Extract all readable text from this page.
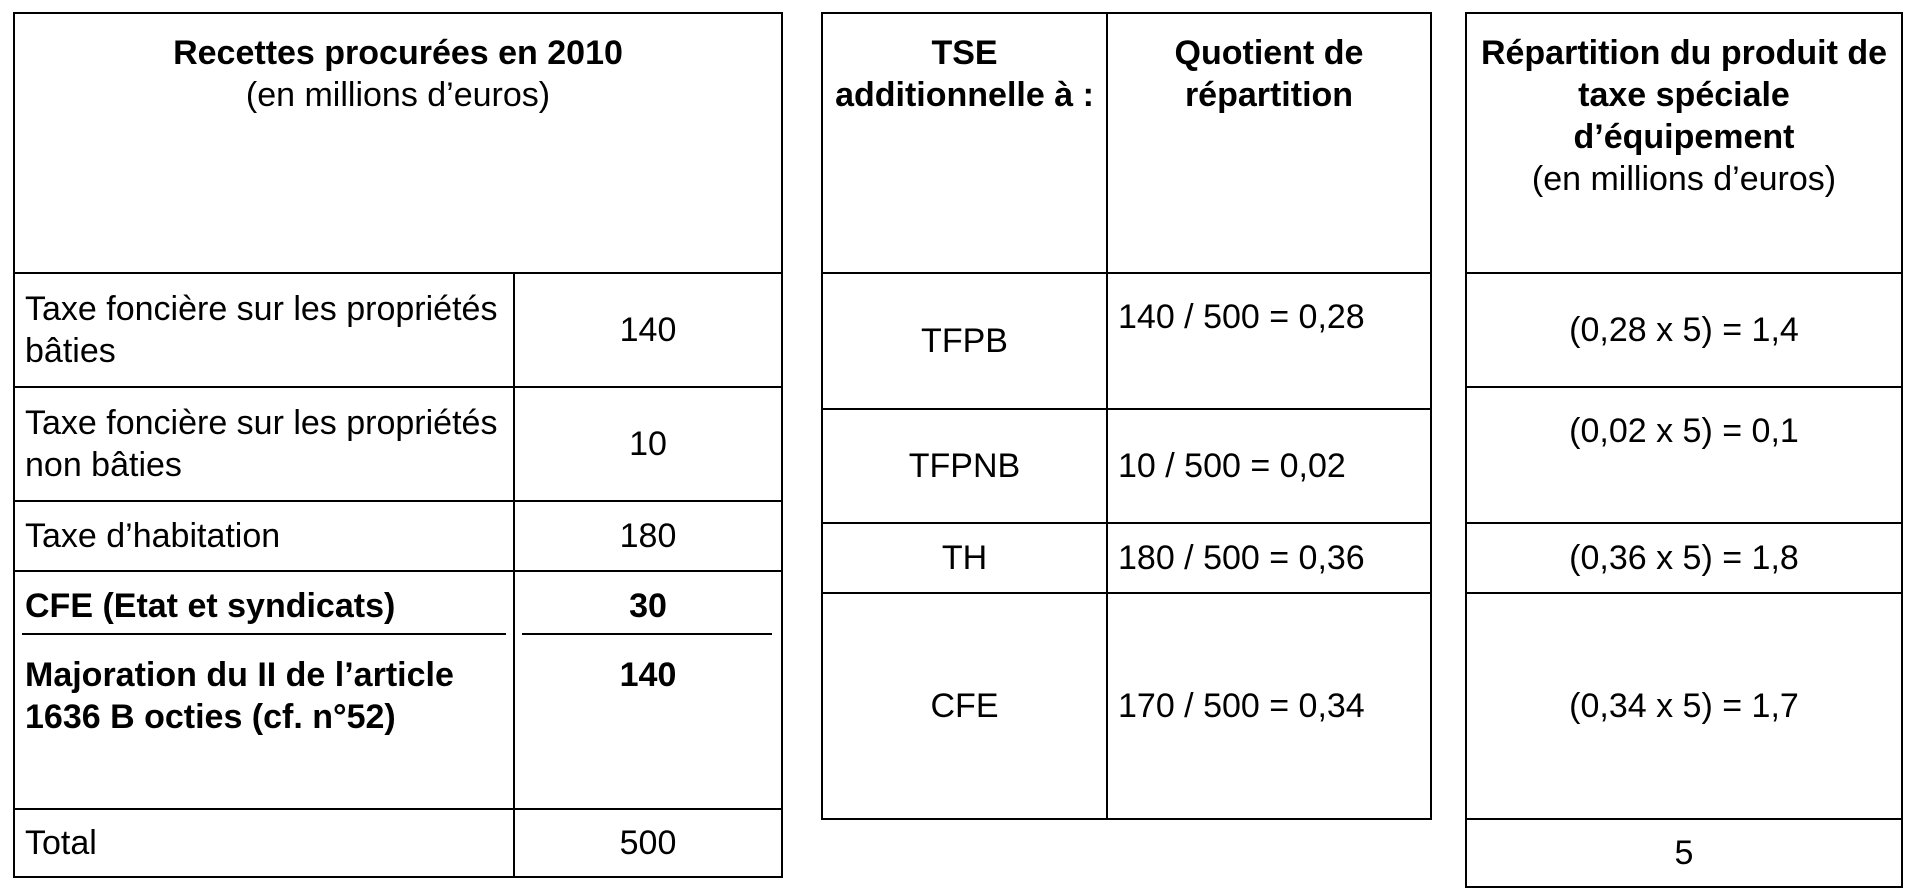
Recettes procurées en 2010
(en millions d’euros)	

Taxe foncière sur les propriétés bâties	140
Taxe foncière sur les propriétés non bâties	10
Taxe d’habitation	180
CFE (Etat et syndicats)	30
Majoration du II de l’article 1636 B octies (cf. n°52)	140
Total	500
TSE additionnelle à :	Quotient de répartition
TFPB	140 / 500 = 0,28
TFPNB	10 / 500 = 0,02
TH	180 / 500 = 0,36
CFE	170 / 500 = 0,34
Répartition du produit de taxe spéciale d’équipement
(en millions d’euros)

(0,28 x 5) = 1,4
(0,02 x 5) = 0,1
(0,36 x 5) = 1,8
(0,34 x 5) = 1,7
5
